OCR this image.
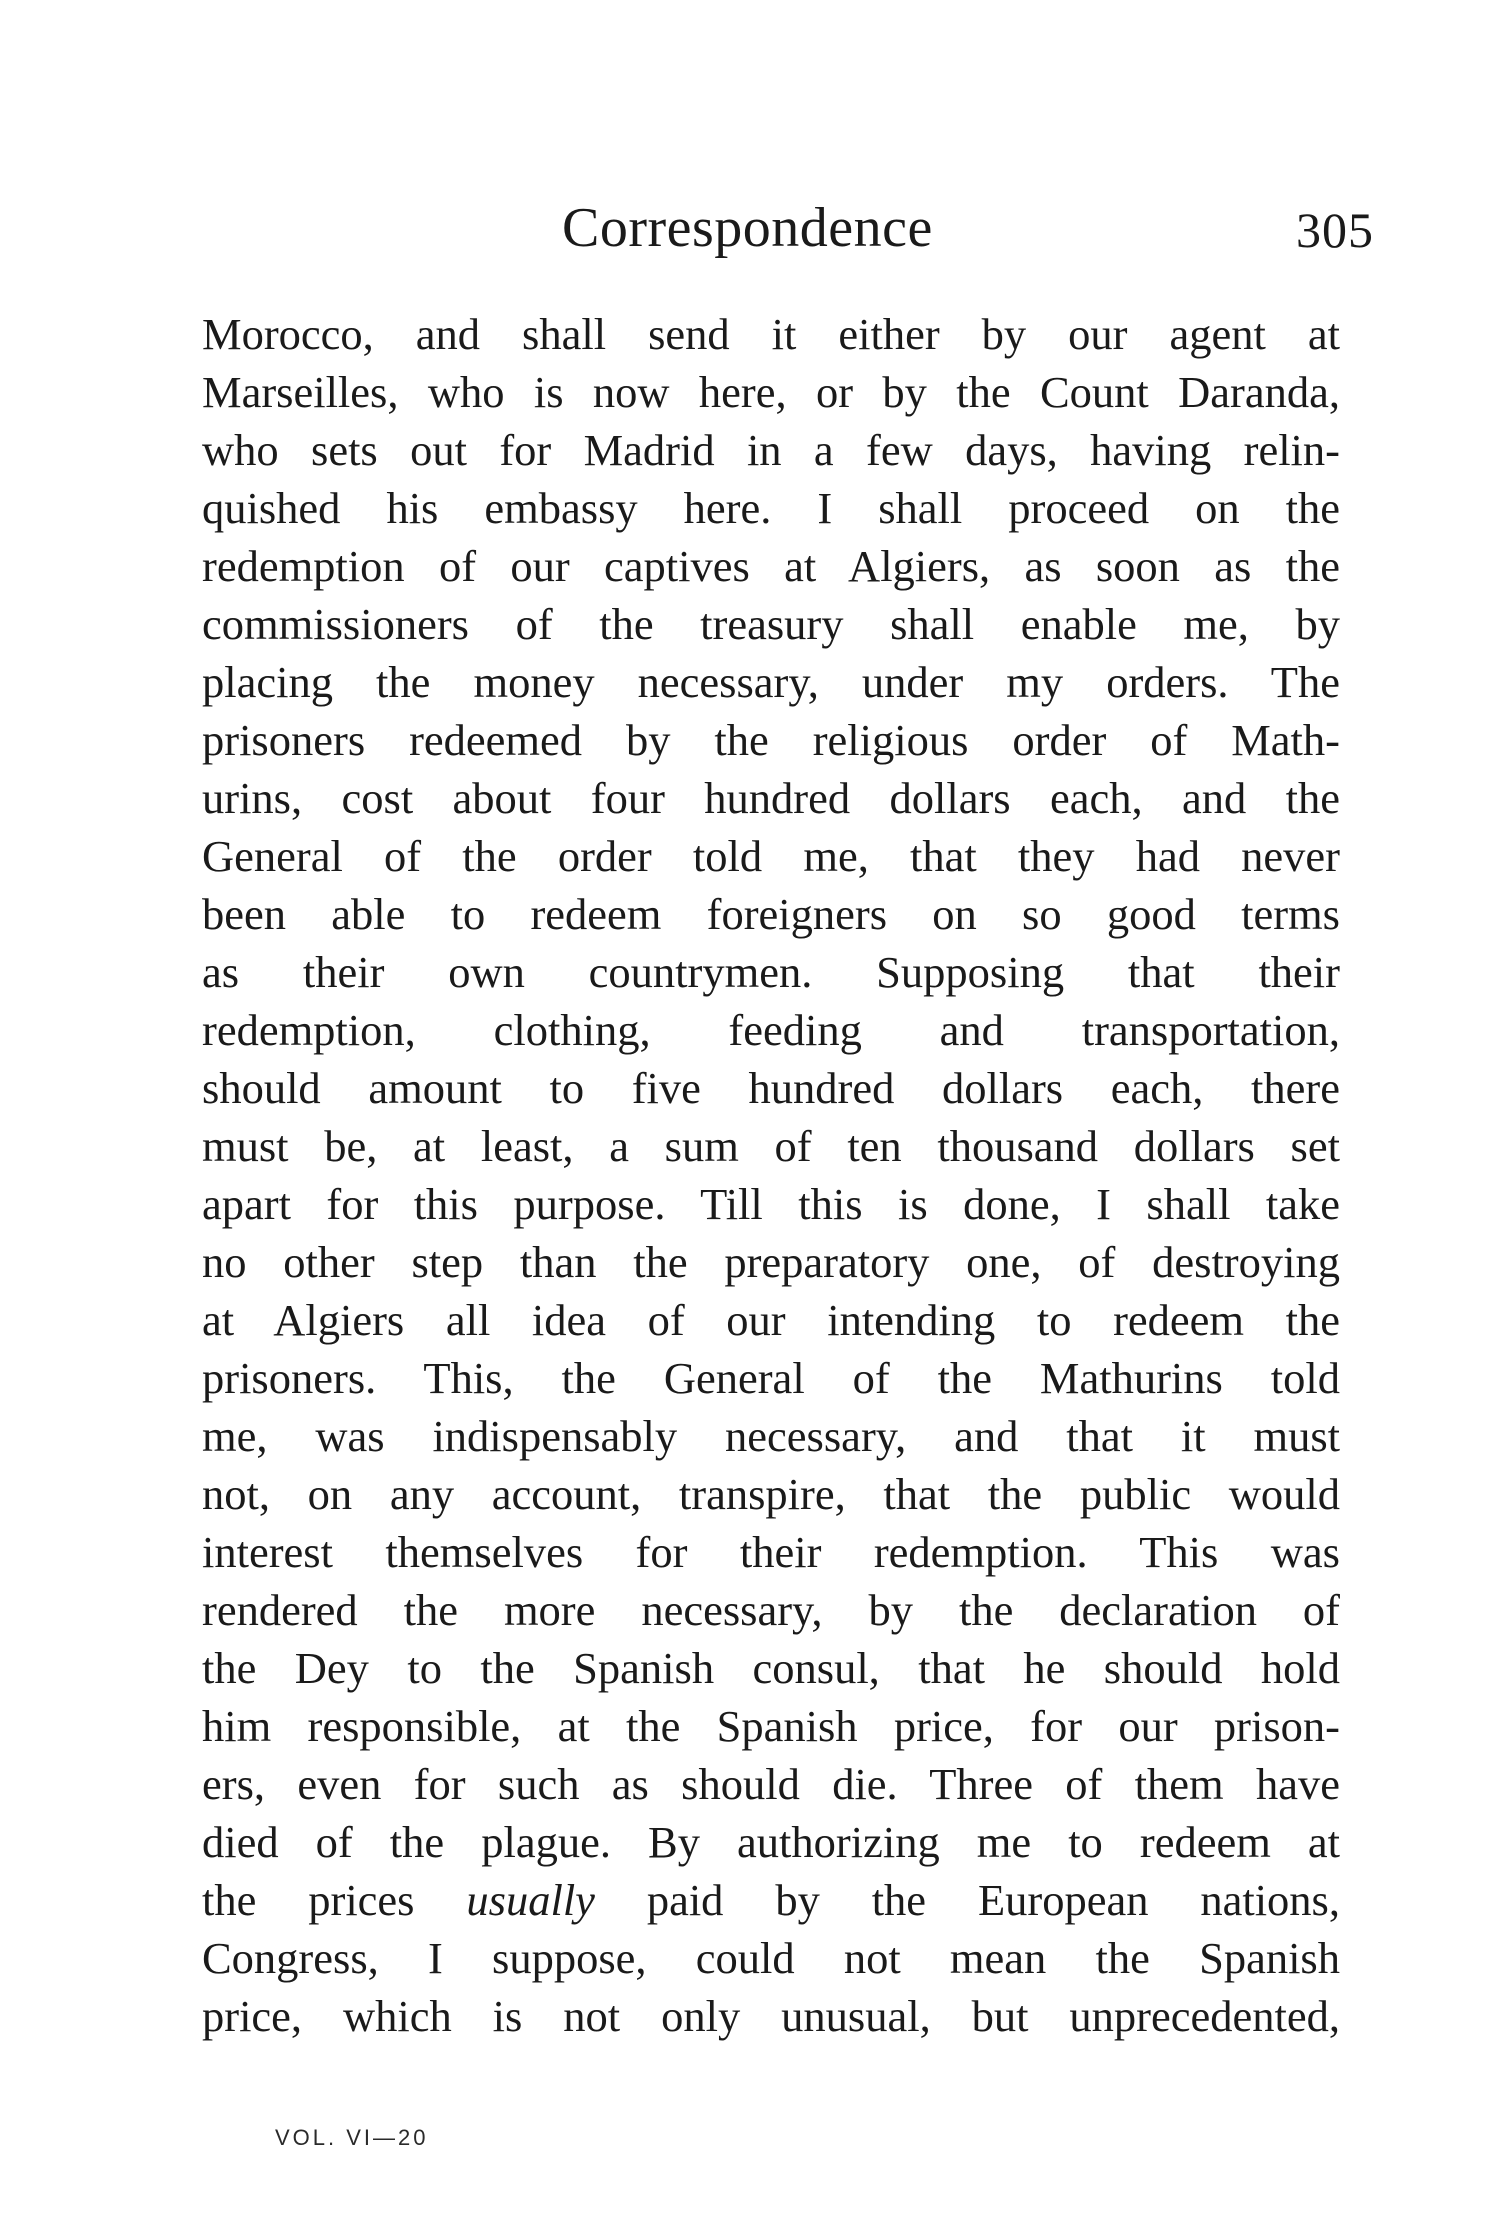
Correspondence	305
Morocco, and shall send it either by our agent at
Marseilles, who is now here, or by the Count Daranda,
who sets out for Madrid in a few days, having relin-
quished his embassy here. I shall proceed on the
redemption of our captives at Algiers, as soon as the
commissioners of the treasury shall enable me, by
placing the money necessary, under my orders. The
prisoners redeemed by the religious order of Math-
urins, cost about four hundred dollars each, and the
General of the order told me, that they had never
been able to redeem foreigners on so good terms
as their own countrymen. Supposing that their
redemption, clothing, feeding and transportation,
should amount to five hundred dollars each, there
must be, at least, a sum of ten thousand dollars set
apart for this purpose. Till this is done, I shall take
no other step than the preparatory one, of destroying
at Algiers all idea of our intending to redeem the
prisoners. This, the General of the Mathurins told
me, was indispensably necessary, and that it must
not, on any account, transpire, that the public would
interest themselves for their redemption. This was
rendered the more necessary, by the declaration of
the Dey to the Spanish consul, that he should hold
him responsible, at the Spanish price, for our prison-
ers, even for such as should die. Three of them have
died of the plague. By authorizing me to redeem at
the prices usually paid by the European nations,
Congress, I suppose, could not mean the Spanish
price, which is not only unusual, but unprecedented,
VOL. VI—20
